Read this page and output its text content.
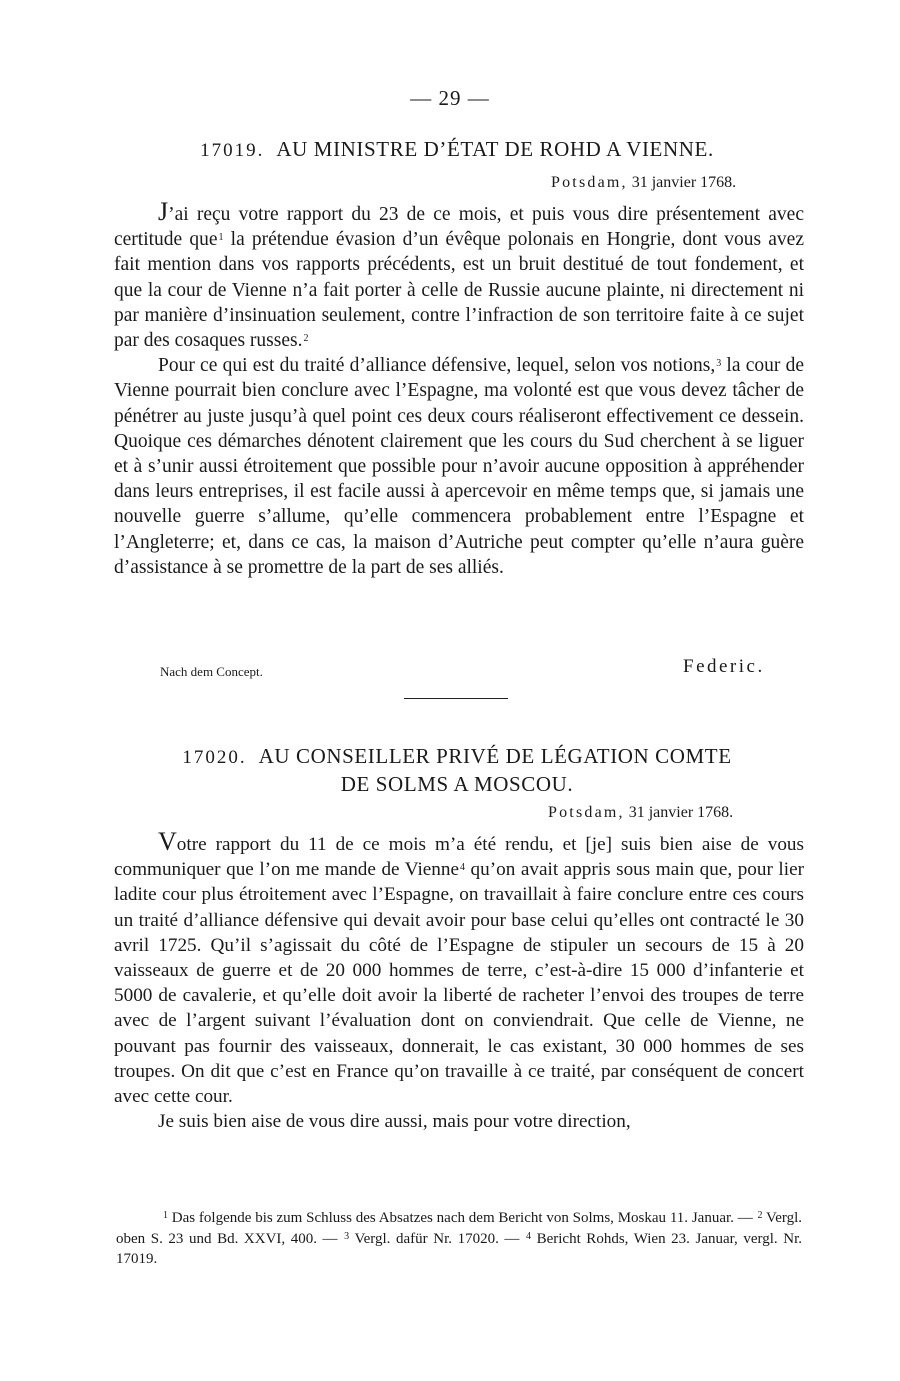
— 29 —
17019. AU MINISTRE D’ÉTAT DE ROHD A VIENNE.
Potsdam, 31 janvier 1768.

J’ai reçu votre rapport du 23 de ce mois, et puis vous dire présentement avec certitude que$^1$ la prétendue évasion d’un évêque polonais en Hongrie, dont vous avez fait mention dans vos rapports précédents, est un bruit destitué de tout fondement, et que la cour de Vienne n’a fait porter à celle de Russie aucune plainte, ni directement ni par manière d’insinuation seulement, contre l’infraction de son territoire faite à ce sujet par des cosaques russes.$^2$

Pour ce qui est du traité d’alliance défensive, lequel, selon vos notions,$^3$ la cour de Vienne pourrait bien conclure avec l’Espagne, ma volonté est que vous devez tâcher de pénétrer au juste jusqu’à quel point ces deux cours réaliseront effectivement ce dessein. Quoique ces démarches dénotent clairement que les cours du Sud cherchent à se liguer et à s’unir aussi étroitement que possible pour n’avoir aucune opposition à appréhender dans leurs entreprises, il est facile aussi à apercevoir en même temps que, si jamais une nouvelle guerre s’allume, qu’elle commencera probablement entre l’Espagne et l’Angleterre; et, dans ce cas, la maison d’Autriche peut compter qu’elle n’aura guère d’assistance à se promettre de la part de ses alliés.

Nach dem Concept.	Federic.
17020. AU CONSEILLER PRIVÉ DE LÉGATION COMTE
DE SOLMS A MOSCOU.
Potsdam, 31 janvier 1768.

Votre rapport du 11 de ce mois m’a été rendu, et [je] suis bien aise de vous communiquer que l’on me mande de Vienne$^4$ qu’on avait appris sous main que, pour lier ladite cour plus étroitement avec l’Espagne, on travaillait à faire conclure entre ces cours un traité d’alliance défensive qui devait avoir pour base celui qu’elles ont contracté le 30 avril 1725. Qu’il s’agissait du côté de l’Espagne de stipuler un secours de 15 à 20 vaisseaux de guerre et de 20 000 hommes de terre, c’est-à-dire 15 000 d’infanterie et 5000 de cavalerie, et qu’elle doit avoir la liberté de racheter l’envoi des troupes de terre avec de l’argent suivant l’évaluation dont on conviendrait. Que celle de Vienne, ne pouvant pas fournir des vaisseaux, donnerait, le cas existant, 30 000 hommes de ses troupes. On dit que c’est en France qu’on travaille à ce traité, par conséquent de concert avec cette cour.

Je suis bien aise de vous dire aussi, mais pour votre direction,

$^1$ Das folgende bis zum Schluss des Absatzes nach dem Bericht von Solms, Moskau 11. Januar. — $^2$ Vergl. oben S. 23 und Bd. XXVI, 400. — $^3$ Vergl. dafür Nr. 17020. — $^4$ Bericht Rohds, Wien 23. Januar, vergl. Nr. 17019.
